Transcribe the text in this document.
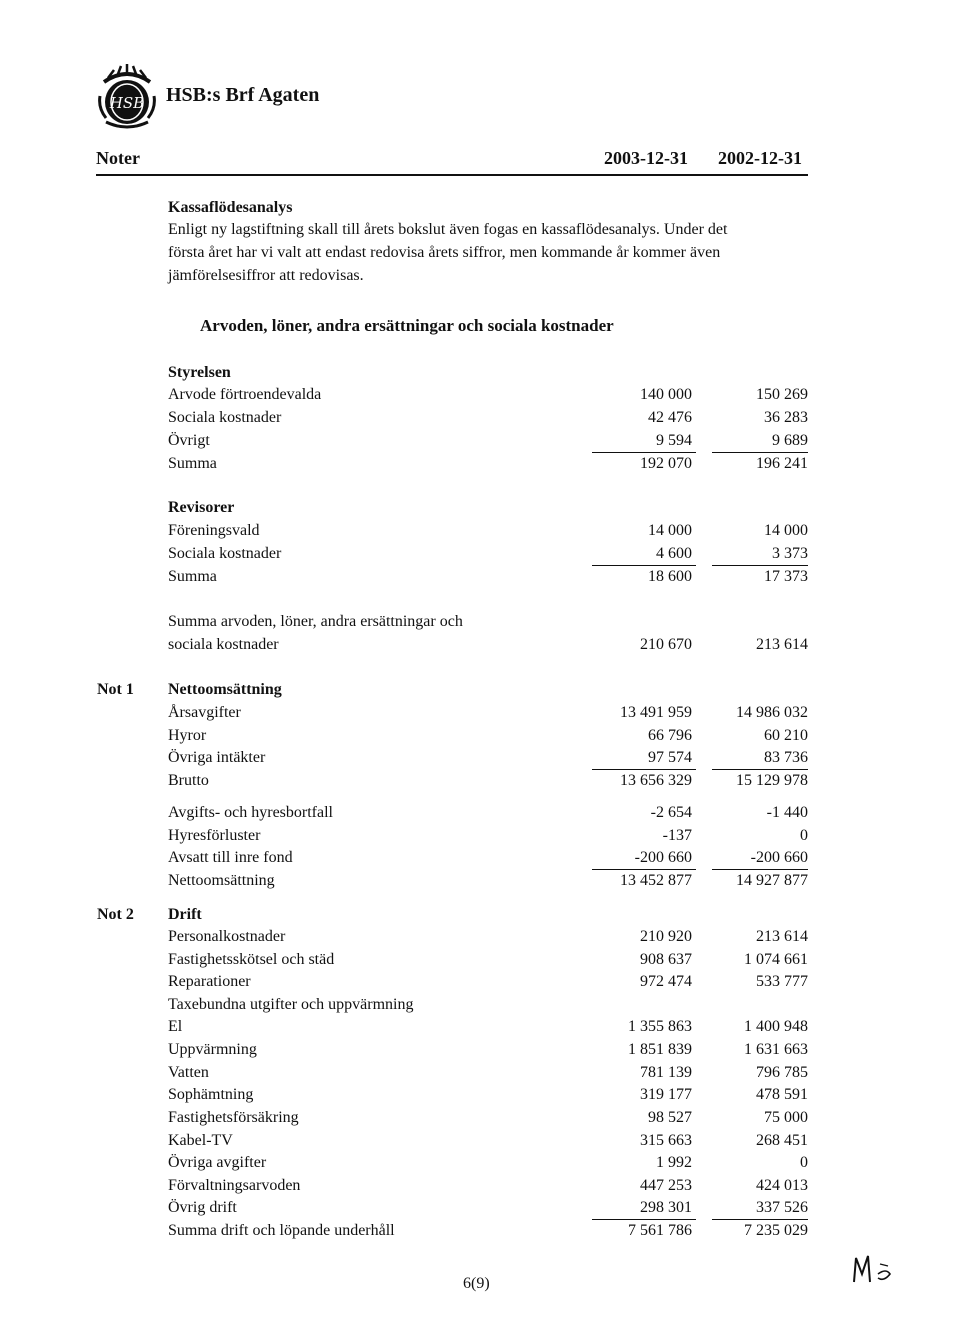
HSB HSB:s Brf Agaten
Noter	2003-12-31 2002-12-31
Kassaflödesanalys
Enligt ny lagstiftning skall till årets bokslut även fogas en kassaflödesanalys. Under det
första året har vi valt att endast redovisa årets siffror, men kommande år kommer även
jämförelsesiffror att redovisas.
Arvoden, löner, andra ersättningar och sociala kostnader
Styrelsen
Arvode förtroendevalda	140 000	150 269
Sociala kostnader	42 476	36 283
Övrigt	9 594	9 689
Summa	192 070	196 241
Revisorer
Föreningsvald	14 000	14 000
Sociala kostnader	4 600	3 373
Summa	18 600	17 373
Summa arvoden, löner, andra ersättningar och
sociala kostnader	210 670	213 614
Not 1 Nettoomsättning
Årsavgifter	13 491 959	14 986 032
Hyror	66 796	60 210
Övriga intäkter	97 574	83 736
Brutto	13 656 329	15 129 978
Avgifts- och hyresbortfall	-2 654	-1 440
Hyresförluster	-137	0
Avsatt till inre fond	-200 660	-200 660
Nettoomsättning	13 452 877	14 927 877
Not 2 Drift
Personalkostnader	210 920	213 614
Fastighetsskötsel och städ	908 637	1 074 661
Reparationer	972 474	533 777
Taxebundna utgifter och uppvärmning
El	1 355 863	1 400 948
Uppvärmning	1 851 839	1 631 663
Vatten	781 139	796 785
Sophämtning	319 177	478 591
Fastighetsförsäkring	98 527	75 000
Kabel-TV	315 663	268 451
Övriga avgifter	1 992	0
Förvaltningsarvoden	447 253	424 013
Övrig drift	298 301	337 526
Summa drift och löpande underhåll	7 561 786	7 235 029
6(9)
